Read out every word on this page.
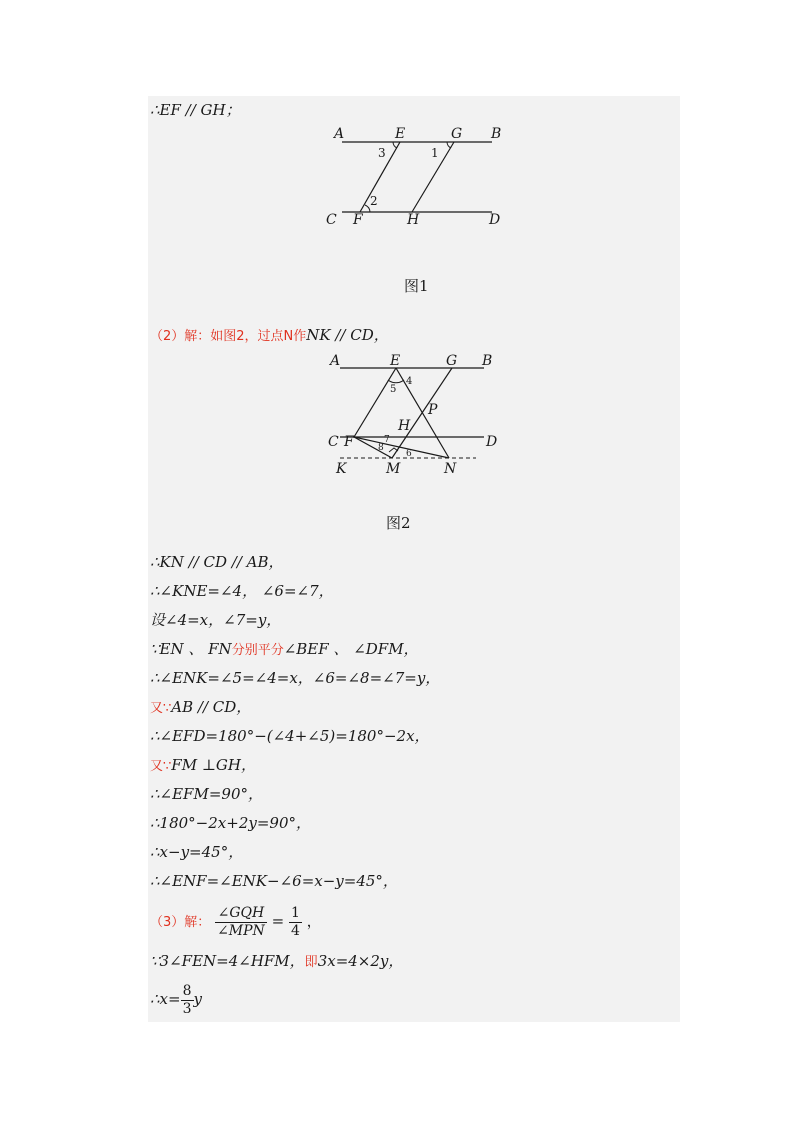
∴EF // GH；
A	E	G B
C F	H	D
3	1
2
图1
（2）解：如图2，过点N作NK // CD，
A	E	G B
P
H
C F	D
K	M	N
5
4
7
8
6
图2
∴KN // CD // AB，
∴∠KNE=∠4， ∠6=∠7，
设∠4=x，∠7=y，
∵EN 、 FN分别平分∠BEF 、 ∠DFM，
∴∠ENK=∠5=∠4=x，∠6=∠8=∠7=y，
又∵AB // CD，
∴∠EFD=180°−(∠4+∠5)=180°−2x，
又∵FM ⊥GH，
∴∠EFM=90°，
∴180°−2x+2y=90°，
∴x−y=45°，
∴∠ENF=∠ENK−∠6=x−y=45°，
（3）解： $\frac{\text{∠GQH}}{\text{∠MPN}} = \frac{1}{4}$ ，
∵3∠FEN=4∠HFM，即3x=4×2y，
∴x= $\frac{8}{3}$ y
